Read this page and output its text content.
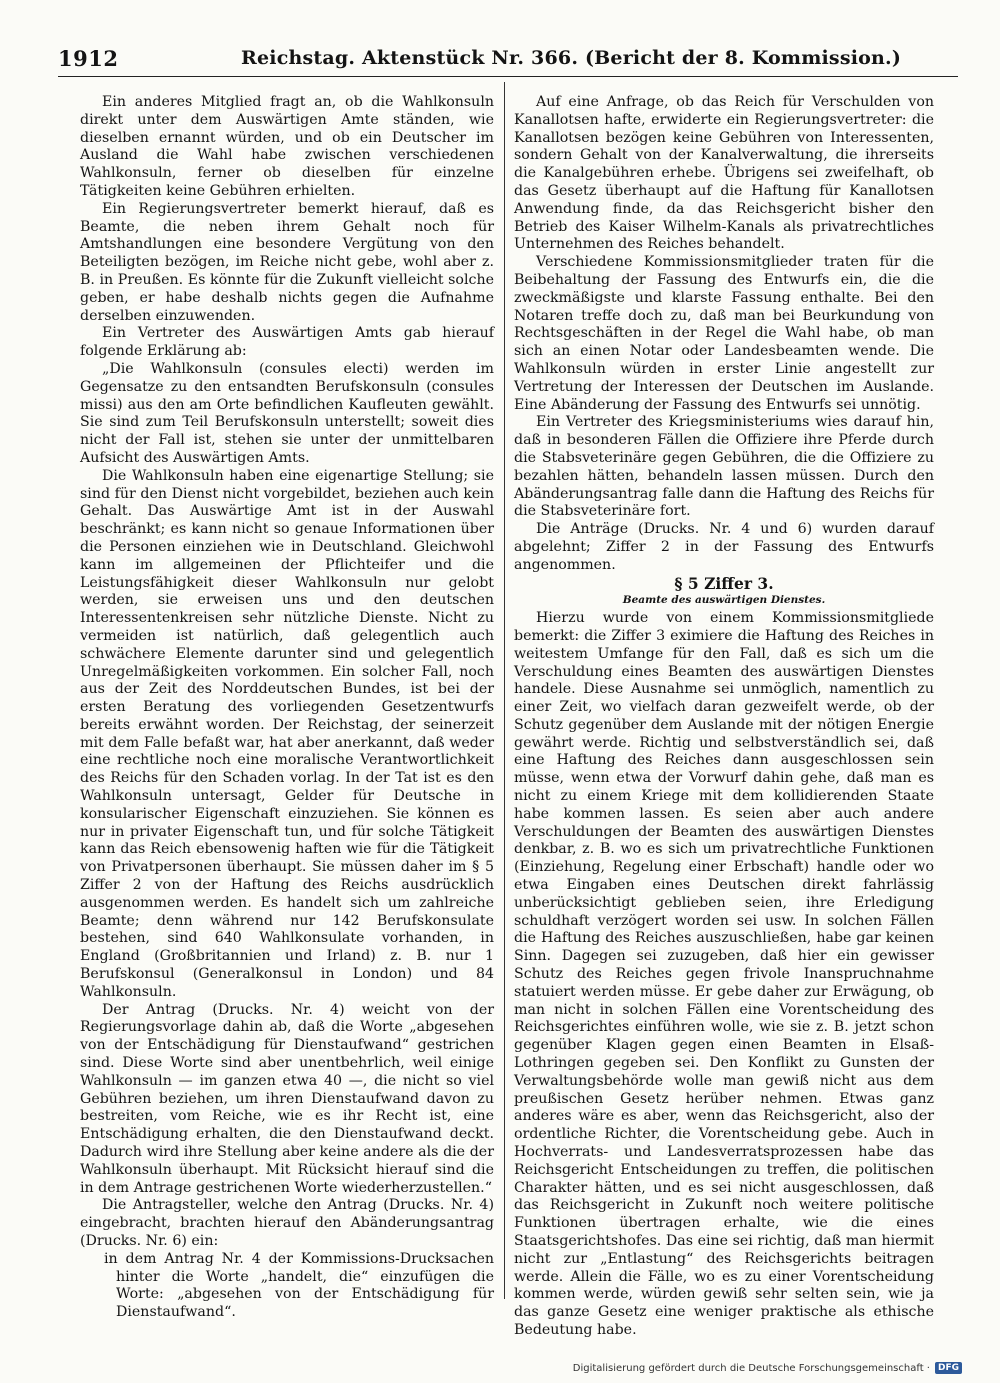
1912	Reichstag. Aktenstück Nr. 366. (Bericht der 8. Kommission.)

Ein anderes Mitglied fragt an, ob die Wahlkonsuln direkt unter dem Auswärtigen Amte ständen, wie dieselben ernannt würden, und ob ein Deutscher im Ausland die Wahl habe zwischen verschiedenen Wahlkonsuln, ferner ob dieselben für einzelne Tätigkeiten keine Gebühren erhielten.

Ein Regierungsvertreter bemerkt hierauf, daß es Beamte, die neben ihrem Gehalt noch für Amtshandlungen eine besondere Vergütung von den Beteiligten bezögen, im Reiche nicht gebe, wohl aber z. B. in Preußen. Es könnte für die Zukunft vielleicht solche geben, er habe deshalb nichts gegen die Aufnahme derselben einzuwenden.

Ein Vertreter des Auswärtigen Amts gab hierauf folgende Erklärung ab:

„Die Wahlkonsuln (consules electi) werden im Gegensatze zu den entsandten Berufskonsuln (consules missi) aus den am Orte befindlichen Kaufleuten gewählt. Sie sind zum Teil Berufskonsuln unterstellt; soweit dies nicht der Fall ist, stehen sie unter der unmittelbaren Aufsicht des Auswärtigen Amts.

Die Wahlkonsuln haben eine eigenartige Stellung; sie sind für den Dienst nicht vorgebildet, beziehen auch kein Gehalt. Das Auswärtige Amt ist in der Auswahl beschränkt; es kann nicht so genaue Informationen über die Personen einziehen wie in Deutschland. Gleichwohl kann im allgemeinen der Pflichteifer und die Leistungsfähigkeit dieser Wahlkonsuln nur gelobt werden, sie erweisen uns und den deutschen Interessentenkreisen sehr nützliche Dienste. Nicht zu vermeiden ist natürlich, daß gelegentlich auch schwächere Elemente darunter sind und gelegentlich Unregelmäßigkeiten vorkommen. Ein solcher Fall, noch aus der Zeit des Norddeutschen Bundes, ist bei der ersten Beratung des vorliegenden Gesetzentwurfs bereits erwähnt worden. Der Reichstag, der seinerzeit mit dem Falle befaßt war, hat aber anerkannt, daß weder eine rechtliche noch eine moralische Verantwortlichkeit des Reichs für den Schaden vorlag. In der Tat ist es den Wahlkonsuln untersagt, Gelder für Deutsche in konsularischer Eigenschaft einzuziehen. Sie können es nur in privater Eigenschaft tun, und für solche Tätigkeit kann das Reich ebensowenig haften wie für die Tätigkeit von Privatpersonen überhaupt. Sie müssen daher im § 5 Ziffer 2 von der Haftung des Reichs ausdrücklich ausgenommen werden. Es handelt sich um zahlreiche Beamte; denn während nur 142 Berufskonsulate bestehen, sind 640 Wahlkonsulate vorhanden, in England (Großbritannien und Irland) z. B. nur 1 Berufskonsul (Generalkonsul in London) und 84 Wahlkonsuln.

Der Antrag (Drucks. Nr. 4) weicht von der Regierungsvorlage dahin ab, daß die Worte „abgesehen von der Entschädigung für Dienstaufwand“ gestrichen sind. Diese Worte sind aber unentbehrlich, weil einige Wahlkonsuln — im ganzen etwa 40 —, die nicht so viel Gebühren beziehen, um ihren Dienstaufwand davon zu bestreiten, vom Reiche, wie es ihr Recht ist, eine Entschädigung erhalten, die den Dienstaufwand deckt. Dadurch wird ihre Stellung aber keine andere als die der Wahlkonsuln überhaupt. Mit Rücksicht hierauf sind die in dem Antrage gestrichenen Worte wiederherzustellen.“

Die Antragsteller, welche den Antrag (Drucks. Nr. 4) eingebracht, brachten hierauf den Abänderungsantrag (Drucks. Nr. 6) ein:

in dem Antrag Nr. 4 der Kommissions-Drucksachen hinter die Worte „handelt, die“ einzufügen die Worte: „abgesehen von der Entschädigung für Dienstaufwand“.

Auf eine Anfrage, ob das Reich für Verschulden von Kanallotsen hafte, erwiderte ein Regierungsvertreter: die Kanallotsen bezögen keine Gebühren von Interessenten, sondern Gehalt von der Kanalverwaltung, die ihrerseits die Kanalgebühren erhebe. Übrigens sei zweifelhaft, ob das Gesetz überhaupt auf die Haftung für Kanallotsen Anwendung finde, da das Reichsgericht bisher den Betrieb des Kaiser Wilhelm-Kanals als privatrechtliches Unternehmen des Reiches behandelt.

Verschiedene Kommissionsmitglieder traten für die Beibehaltung der Fassung des Entwurfs ein, die die zweckmäßigste und klarste Fassung enthalte. Bei den Notaren treffe doch zu, daß man bei Beurkundung von Rechtsgeschäften in der Regel die Wahl habe, ob man sich an einen Notar oder Landesbeamten wende. Die Wahlkonsuln würden in erster Linie angestellt zur Vertretung der Interessen der Deutschen im Auslande. Eine Abänderung der Fassung des Entwurfs sei unnötig.

Ein Vertreter des Kriegsministeriums wies darauf hin, daß in besonderen Fällen die Offiziere ihre Pferde durch die Stabsveterinäre gegen Gebühren, die die Offiziere zu bezahlen hätten, behandeln lassen müssen. Durch den Abänderungsantrag falle dann die Haftung des Reichs für die Stabsveterinäre fort.

Die Anträge (Drucks. Nr. 4 und 6) wurden darauf abgelehnt; Ziffer 2 in der Fassung des Entwurfs angenommen.

§ 5 Ziffer 3.

Beamte des auswärtigen Dienstes.

Hierzu wurde von einem Kommissionsmitgliede bemerkt: die Ziffer 3 eximiere die Haftung des Reiches in weitestem Umfange für den Fall, daß es sich um die Verschuldung eines Beamten des auswärtigen Dienstes handele. Diese Ausnahme sei unmöglich, namentlich zu einer Zeit, wo vielfach daran gezweifelt werde, ob der Schutz gegenüber dem Auslande mit der nötigen Energie gewährt werde. Richtig und selbstverständlich sei, daß eine Haftung des Reiches dann ausgeschlossen sein müsse, wenn etwa der Vorwurf dahin gehe, daß man es nicht zu einem Kriege mit dem kollidierenden Staate habe kommen lassen. Es seien aber auch andere Verschuldungen der Beamten des auswärtigen Dienstes denkbar, z. B. wo es sich um privatrechtliche Funktionen (Einziehung, Regelung einer Erbschaft) handle oder wo etwa Eingaben eines Deutschen direkt fahrlässig unberücksichtigt geblieben seien, ihre Erledigung schuldhaft verzögert worden sei usw. In solchen Fällen die Haftung des Reiches auszuschließen, habe gar keinen Sinn. Dagegen sei zuzugeben, daß hier ein gewisser Schutz des Reiches gegen frivole Inanspruchnahme statuiert werden müsse. Er gebe daher zur Erwägung, ob man nicht in solchen Fällen eine Vorentscheidung des Reichsgerichtes einführen wolle, wie sie z. B. jetzt schon gegenüber Klagen gegen einen Beamten in Elsaß-Lothringen gegeben sei. Den Konflikt zu Gunsten der Verwaltungsbehörde wolle man gewiß nicht aus dem preußischen Gesetz herüber nehmen. Etwas ganz anderes wäre es aber, wenn das Reichsgericht, also der ordentliche Richter, die Vorentscheidung gebe. Auch in Hochverrats- und Landesverratsprozessen habe das Reichsgericht Entscheidungen zu treffen, die politischen Charakter hätten, und es sei nicht ausgeschlossen, daß das Reichsgericht in Zukunft noch weitere politische Funktionen übertragen erhalte, wie die eines Staatsgerichtshofes. Das eine sei richtig, daß man hiermit nicht zur „Entlastung“ des Reichsgerichts beitragen werde. Allein die Fälle, wo es zu einer Vorentscheidung kommen werde, würden gewiß sehr selten sein, wie ja das ganze Gesetz eine weniger praktische als ethische Bedeutung habe.

Digitalisierung gefördert durch die Deutsche Forschungsgemeinschaft · DFG
